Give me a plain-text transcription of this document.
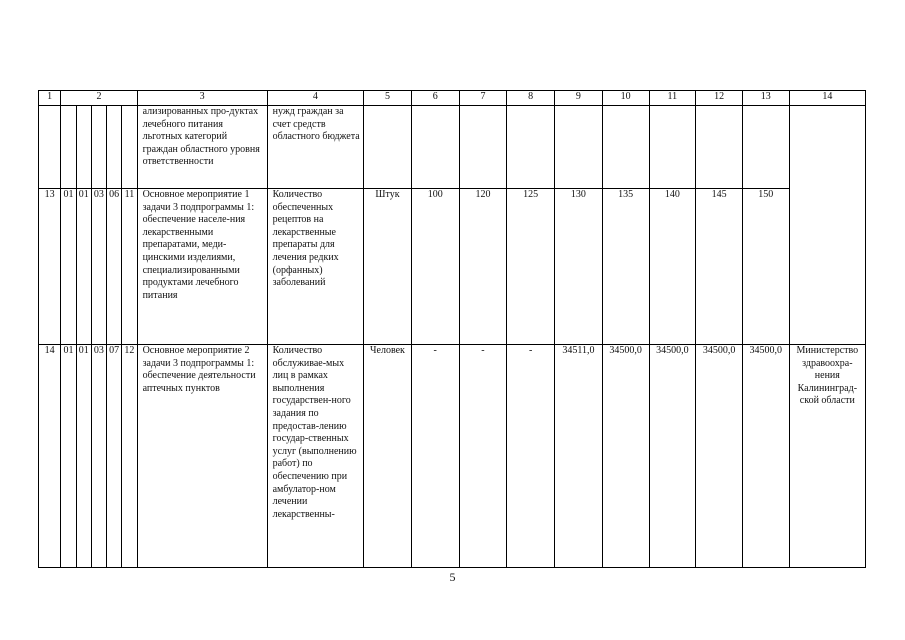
1	2					3	4	5	6	7	8	9	10	11	12	13	14
						ализированных про-дуктах лечебного питания льготных категорий граждан областного уровня ответственности	нужд граждан за счет средств областного бюджета										
13	01	01	03	06	11	Основное мероприятие 1 задачи 3 подпрограммы 1: обеспечение населе-ния лекарственными препаратами, меди-цинскими изделиями, специализированными продуктами лечебного питания	Количество обеспеченных рецептов на лекарственные препараты для лечения редких (орфанных) заболеваний	Штук	100	120	125	130	135	140	145	150	
14	01	01	03	07	12	Основное мероприятие 2 задачи 3 подпрограммы 1: обеспечение деятельности аптечных пунктов	Количество обслуживае-мых лиц в рамках выполнения государствен-ного задания по предостав-лению государ-ственных услуг (выполнению работ) по обеспечению при амбулатор-ном лечении лекарственны-	Человек	-	-	-	34511,0	34500,0	34500,0	34500,0	34500,0	Министерство здравоохра-нения Калининград-ской области
5
